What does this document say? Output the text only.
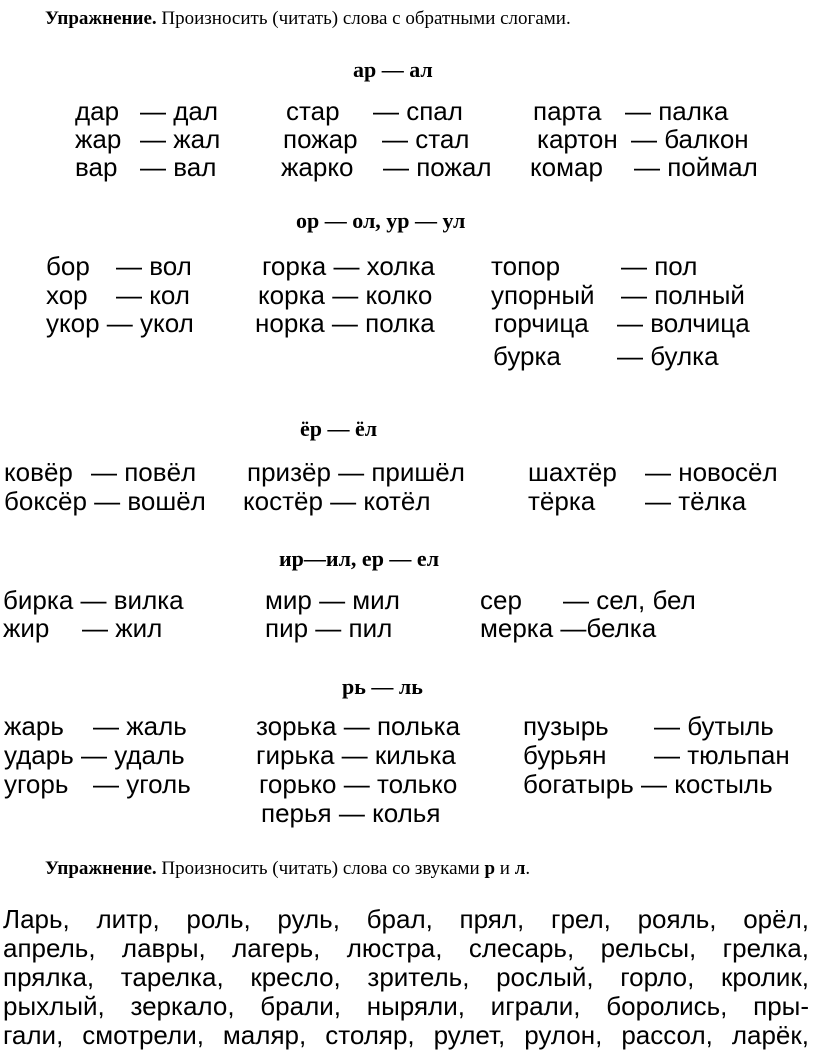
Упражнение. Произносить (читать) слова с обратными слогами.
ар — ал
дар — дал	стар — спал	парта — палка
жар — жал пожар — стал	картон — балкон
вар — вал жарко — пожал комар — поймал
ор — ол, ур — ул
бор — вол	горка — холка топор — пол
хор — кол	корка — колко упорный — полный
укор — укол норка — полка горчица — волчица
бурка — булка
ёр — ёл
ковёр — повёл призёр — пришёл шахтёр — новосёл
боксёр — вошёл костёр — котёл	тёрка — тёлка
ир—ил, ер — ел
бирка — вилка	мир — мил	сер — сел, бел
жир — жил	пир — пил	мерка —белка
рь — ль
жарь — жаль	зорька — полька пузырь — бутыль
ударь — удаль	гирька — килька	бурьян — тюльпан
угорь — уголь	горько — только	богатырь — костыль
перья — колья
Упражнение. Произносить (читать) слова со звуками р и л.
Ларь, литр, роль, руль, брал, прял, грел, рояль, орёл,
апрель, лавры, лагерь, люстра, слесарь, рельсы, грелка,
прялка, тарелка, кресло, зритель, рослый, горло, кролик,
рыхлый, зеркало, брали, ныряли, играли, боролись, пры-
гали, смотрели, маляр, столяр, рулет, рулон, рассол, ларёк,
